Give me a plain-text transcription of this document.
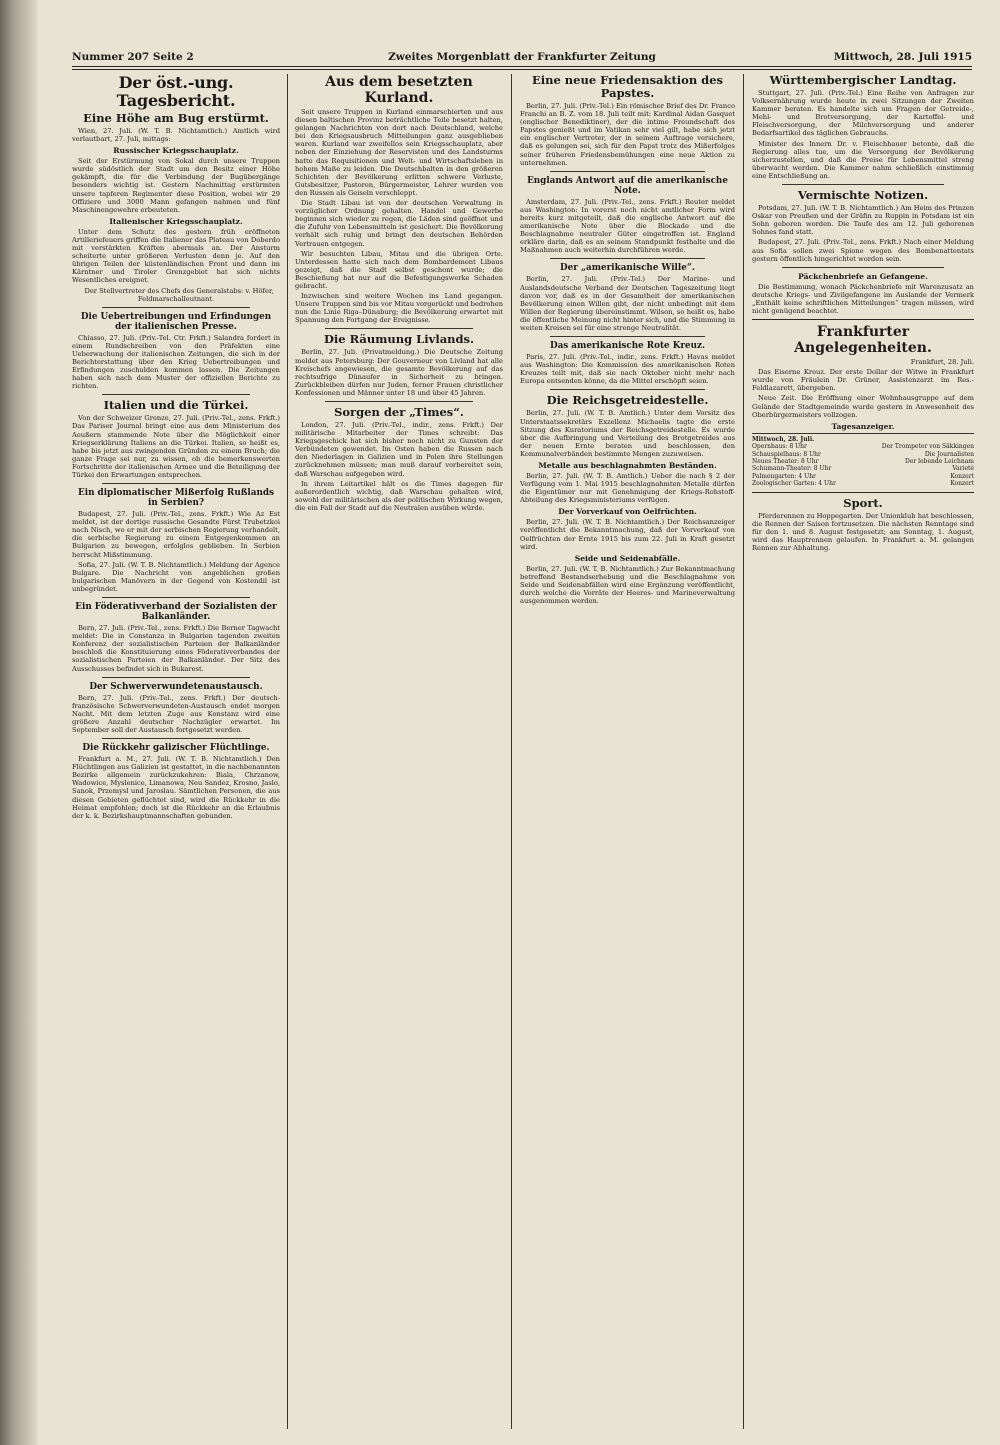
Nummer 207 Seite 2	Zweites Morgenblatt der Frankfurter Zeitung	Mittwoch, 28. Juli 1915
Der öst.-ung. Tagesbericht.
Eine Höhe am Bug erstürmt.

Wien, 27. Juli. (W. T. B. Nichtamtlich.) Amtlich wird verlautbart, 27. Juli, mittags:

Russischer Kriegsschauplatz.

Seit der Erstürmung von Sokal durch unsere Truppen wurde südöstlich der Stadt um den Besitz einer Höhe gekämpft, die für die Verbindung der Bugübergänge besonders wichtig ist. Gestern Nachmittag erstürmten unsere tapferen Regimenter diese Position, wobei wir 29 Offiziere und 3000 Mann gefangen nahmen und fünf Maschinengewehre erbeuteten.

Italienischer Kriegsschauplatz.

Unter dem Schutz des gestern früh eröffneten Artilleriefeuers griffen die Italiener das Plateau von Doberdo mit verstärkten Kräften abermals an. Der Ansturm scheiterte unter größeren Verlusten denn je. Auf den übrigen Teilen der küstenländischen Front und dann im Kärntner und Tiroler Grenzgebiet hat sich nichts Wesentliches ereignet.

Der Stellvertreter des Chefs des Generalstabs: v. Höfer, Feldmarschalleutnant.

Die Uebertreibungen und Erfindungen der italienischen Presse.

Chiasso, 27. Juli. (Priv.-Tel. Ctr. Frkft.) Salandra fordert in einem Rundschreiben von den Präfekten eine Ueberwachung der italienischen Zeitungen, die sich in der Berichterstattung über den Krieg Uebertreibungen und Erfindungen zuschulden kommen lassen. Die Zeitungen haben sich nach dem Muster der offiziellen Berichte zu richten.

Italien und die Türkei.

Von der Schweizer Grenze, 27. Juli. (Priv.-Tel., zens. Frkft.) Das Pariser Journal bringt eine aus dem Ministerium des Aeußern stammende Note über die Möglichkeit einer Kriegserklärung Italiens an die Türkei. Italien, so heißt es, habe bis jetzt aus zwingenden Gründen zu einem Bruch; die ganze Frage sei nur, zu wissen, ob die bemerkenswerten Fortschritte der italienischen Armee und die Beteiligung der Türkei den Erwartungen entsprechen.

Ein diplomatischer Mißerfolg Rußlands in Serbien?

Budapest, 27. Juli. (Priv.-Tel., zens. Frkft.) Wie Az Est meldet, ist der dortige russische Gesandte Fürst Trubetzkoi nach Nisch, wo er mit der serbischen Regierung verhandelt, die serbische Regierung zu einem Entgegenkommen an Bulgarien zu bewegen, erfolglos geblieben. In Serbien herrscht Mißstimmung.

Sofia, 27. Juli. (W. T. B. Nichtamtlich.) Meldung der Agence Bulgare. Die Nachricht von angeblichen großen bulgarischen Manövern in der Gegend von Kostendil ist unbegründet.

Ein Föderativverband der Sozialisten der Balkanländer.

Bern, 27. Juli. (Priv.-Tel., zens. Frkft.) Die Berner Tagwacht meldet: Die in Constanza in Bulgarien tagenden zweiten Konferenz der sozialistischen Parteien der Balkanländer beschloß die Konstituierung eines Föderativverbandes der sozialistischen Parteien der Balkanländer. Der Sitz des Ausschusses befindet sich in Bukarest.

Der Schwerverwundetenaustausch.

Bern, 27. Juli. (Priv.-Tel., zens. Frkft.) Der deutsch-französische Schwerverwundeten-Austausch endet morgen Nacht. Mit dem letzten Zuge aus Konstanz wird eine größere Anzahl deutscher Nachzügler erwartet. Im September soll der Austausch fortgesetzt werden.

Die Rückkehr galizischer Flüchtlinge.

Frankfurt a. M., 27. Juli. (W. T. B. Nichtamtlich.) Den Flüchtlingen aus Galizien ist gestattet, in die nachbenannten Bezirke allgemein zurückzukehren: Biala, Chrzanow, Wadowice, Myslenice, Limanowa, Neu Sandez, Krosno, Jaslo, Sanok, Przemysl und Jaroslau. Sämtlichen Personen, die aus diesen Gebieten geflüchtet sind, wird die Rückkehr in die Heimat empfohlen; doch ist die Rückkehr an die Erlaubnis der k. k. Bezirkshauptmannschaften gebunden.

Aus dem besetzten Kurland.

Seit unsere Truppen in Kurland einmarschierten und aus diesen baltischen Provinz beträchtliche Teile besetzt halten, gelangen Nachrichten von dort nach Deutschland, welche bei den Kriegsausbruch Mitteilungen ganz ausgeblieben waren. Kurland war zweifellos sein Kriegsschauplatz, aber neben der Einziehung der Reservisten und des Landsturms hatte das Requisitionen und Welt- und Wirtschaftsleben in hohem Maße zu leiden. Die Deutschbalten in den größeren Schichten der Bevölkerung erlitten schwere Verluste, Gutsbesitzer, Pastoren, Bürgermeister, Lehrer wurden von den Russen als Geiseln verschleppt.

Die Stadt Libau ist von der deutschen Verwaltung in vorzüglicher Ordnung gehalten. Handel und Gewerbe beginnen sich wieder zu regen, die Läden sind geöffnet und die Zufuhr von Lebensmitteln ist gesichert. Die Bevölkerung verhält sich ruhig und bringt den deutschen Behörden Vertrauen entgegen.

Wir besuchten Libau, Mitau und die übrigen Orte. Unterdessen hatte sich nach dem Bombardement Libaus gezeigt, daß die Stadt selbst geschont wurde; die Beschießung hat nur auf die Befestigungswerke Schaden gebracht.

Inzwischen sind weitere Wochen ins Land gegangen. Unsere Truppen sind bis vor Mitau vorgerückt und bedrohen nun die Linie Riga–Dünaburg; die Bevölkerung erwartet mit Spannung den Fortgang der Ereignisse.

Die Räumung Livlands.

Berlin, 27. Juli. (Privatmeldung.) Die Deutsche Zeitung meldet aus Petersburg: Der Gouverneur von Livland hat alle Kreischefs angewiesen, die gesamte Bevölkerung auf das rechtsufrige Dünaufer in Sicherheit zu bringen. Zurückbleiben dürfen nur Juden, ferner Frauen christlicher Konfessionen und Männer unter 18 und über 45 Jahren.

Sorgen der „Times“.

London, 27. Juli. (Priv.-Tel., indir., zens. Frkft.) Der militärische Mitarbeiter der Times schreibt: Das Kriegsgeschick hat sich bisher noch nicht zu Gunsten der Verbündeten gewendet. Im Osten haben die Russen nach den Niederlagen in Galizien und in Polen ihre Stellungen zurücknehmen müssen; man muß darauf vorbereitet sein, daß Warschau aufgegeben wird.

In ihrem Leitartikel hält es die Times dagegen für außerordentlich wichtig, daß Warschau gehalten wird, sowohl der militärischen als der politischen Wirkung wegen, die ein Fall der Stadt auf die Neutralen ausüben würde.

Eine neue Friedensaktion des Papstes.

Berlin, 27. Juli. (Priv.-Tel.) Ein römischer Brief des Dr. Franco Franchi an B. Z. vom 18. Juli teilt mit: Kardinal Aidan Gasquet (englischer Benediktiner), der die intime Freundschaft des Papstes genießt und im Vatikan sehr viel gilt, habe sich jetzt ein englischer Vertreter, der in seinem Auftrage versichere, daß es gelungen sei, sich für den Papst trotz des Mißerfolges seiner früheren Friedensbemühungen eine neue Aktion zu unternehmen.

Englands Antwort auf die amerikanische Note.

Amsterdam, 27. Juli. (Priv.-Tel., zens. Frkft.) Reuter meldet aus Washington: In vorerst noch nicht amtlicher Form wird bereits kurz mitgeteilt, daß die englische Antwort auf die amerikanische Note über die Blockade und die Beschlagnahme neutraler Güter eingetroffen ist. England erkläre darin, daß es an seinem Standpunkt festhalte und die Maßnahmen auch weiterhin durchführen werde.

Der „amerikanische Wille“.

Berlin, 27. Juli. (Priv.-Tel.) Der Marine- und Auslandsdeutsche Verband der Deutschen Tageszeitung liegt davon vor, daß es in der Gesamtheit der amerikanischen Bevölkerung einen Willen gibt, der nicht unbedingt mit dem Willen der Regierung übereinstimmt. Wilson, so heißt es, habe die öffentliche Meinung nicht hinter sich, und die Stimmung in weiten Kreisen sei für eine strenge Neutralität.

Das amerikanische Rote Kreuz.

Paris, 27. Juli. (Priv.-Tel., indir., zens. Frkft.) Havas meldet aus Washington: Die Kommission des amerikanischen Roten Kreuzes teilt mit, daß sie nach Oktober nicht mehr nach Europa entsenden könne, da die Mittel erschöpft seien.

Die Reichsgetreidestelle.

Berlin, 27. Juli. (W. T. B. Amtlich.) Unter dem Vorsitz des Unterstaatssekretärs Exzellenz Michaelis tagte die erste Sitzung des Kuratoriums der Reichsgetreidestelle. Es wurde über die Aufbringung und Verteilung des Brotgetreides aus der neuen Ernte beraten und beschlossen, den Kommunalverbänden bestimmte Mengen zuzuweisen.

Metalle aus beschlagnahmten Beständen.

Berlin, 27. Juli. (W. T. B. Amtlich.) Ueber die nach § 2 der Verfügung vom 1. Mai 1915 beschlagnahmten Metalle dürfen die Eigentümer nur mit Genehmigung der Kriegs-Rohstoff-Abteilung des Kriegsministeriums verfügen.

Der Vorverkauf von Oelfrüchten.

Berlin, 27. Juli. (W. T. B. Nichtamtlich.) Der Reichsanzeiger veröffentlicht die Bekanntmachung, daß der Vorverkauf von Oelfrüchten der Ernte 1915 bis zum 22. Juli in Kraft gesetzt wird.

Seide und Seidenabfälle.

Berlin, 27. Juli. (W. T. B. Nichtamtlich.) Zur Bekanntmachung betreffend Bestandserhebung und die Beschlagnahme von Seide und Seidenabfällen wird eine Ergänzung veröffentlicht, durch welche die Vorräte der Heeres- und Marineverwaltung ausgenommen werden.

Württembergischer Landtag.

Stuttgart, 27. Juli. (Priv.-Tel.) Eine Reihe von Anfragen zur Volksernährung wurde heute in zwei Sitzungen der Zweiten Kammer beraten. Es handelte sich um Fragen der Getreide-, Mehl- und Brotversorgung, der Kartoffel- und Fleischversorgung, der Milchversorgung und anderer Bedarfsartikel des täglichen Gebrauchs.

Minister des Innern Dr. v. Fleischhauer betonte, daß die Regierung alles tue, um die Versorgung der Bevölkerung sicherzustellen, und daß die Preise für Lebensmittel streng überwacht werden. Die Kammer nahm schließlich einstimmig eine Entschließung an.

Vermischte Notizen.

Potsdam, 27. Juli. (W. T. B. Nichtamtlich.) Am Heim des Prinzen Oskar von Preußen und der Gräfin zu Ruppin in Potsdam ist ein Sohn geboren worden. Die Taufe des am 12. Juli geborenen Sohnes fand statt.

Budapest, 27. Juli. (Priv.-Tel., zens. Frkft.) Nach einer Meldung aus Sofia sollen zwei Spione wegen des Bombenattentats gestern öffentlich hingerichtet worden sein.

Päckchenbriefe an Gefangene.

Die Bestimmung, wonach Päckchenbriefe mit Warenzusatz an deutsche Kriegs- und Zivilgefangene im Auslande der Vermerk „Enthält keine schriftlichen Mitteilungen“ tragen müssen, wird nicht genügend beachtet.

Frankfurter Angelegenheiten.

Frankfurt, 28. Juli.

Das Eiserne Kreuz. Der erste Dollar der Witwe in Frankfurt wurde von Fräulein Dr. Grüner, Assistenzarzt im Res.-Feldlazarett, übergeben.

Neue Zeit. Die Eröffnung einer Wohnhausgruppe auf dem Gelände der Stadtgemeinde wurde gestern in Anwesenheit des Oberbürgermeisters vollzogen.

Tagesanzeiger.
Mittwoch, 28. Juli.
Opernhaus: 8 Uhr	Der Trompeter von Säkkingen
Schauspielhaus: 8 Uhr	Die Journalisten
Neues Theater: 8 Uhr	Der lebende Leichnam
Schumann-Theater: 8 Uhr	Varieté
Palmengarten: 4 Uhr	Konzert
Zoologischer Garten: 4 Uhr	Konzert
Sport.

Pferderennen zu Hoppegarten. Der Unionklub hat beschlossen, die Rennen der Saison fortzusetzen. Die nächsten Renntage sind für den 1. und 8. August festgesetzt; am Sonntag, 1. August, wird das Hauptrennen gelaufen. In Frankfurt a. M. gelangen Rennen zur Abhaltung.
